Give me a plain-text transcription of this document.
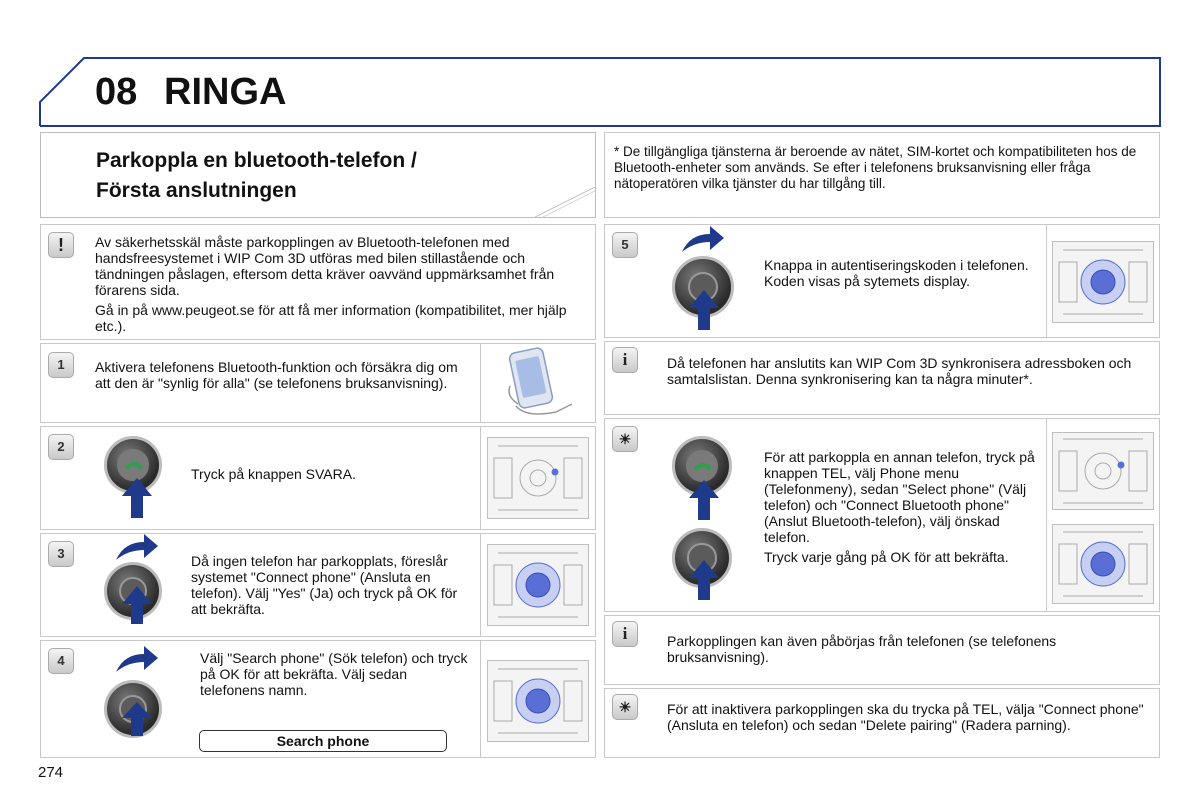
08 RINGA
Parkoppla en bluetooth-telefon /
Första anslutningen
* De tillgängliga tjänsterna är beroende av nätet, SIM-kortet och kompatibiliteten hos de Bluetooth-enheter som används. Se efter i telefonens bruksanvisning eller fråga nätoperatören vilka tjänster du har tillgång till.
!	Av säkerhetsskäl måste parkopplingen av Bluetooth-telefonen med handsfreesystemet i WIP Com 3D utföras med bilen stillastående och tändningen påslagen, eftersom detta kräver oavvänd uppmärksamhet från förarens sida.

Gå in på www.peugeot.se för att få mer information (kompatibilitet, mer hjälp etc.).

1	Aktivera telefonens Bluetooth-funktion och försäkra dig om att den är "synlig för alla" (se telefonens bruksanvisning).
2
Tryck på knappen SVARA.
3	Då ingen telefon har parkopplats, föreslår systemet "Connect phone" (Ansluta en telefon). Välj "Yes" (Ja) och tryck på OK för att bekräfta.
4	Välj "Search phone" (Sök telefon) och tryck på OK för att bekräfta. Välj sedan telefonens namn.
Search phone
5
Knappa in autentiseringskoden i telefonen. Koden visas på sytemets display.
i	Då telefonen har anslutits kan WIP Com 3D synkronisera adressboken och samtalslistan. Denna synkronisering kan ta några minuter*.
☀

För att parkoppla en annan telefon, tryck på knappen TEL, välj Phone menu (Telefonmeny), sedan "Select phone" (Välj telefon) och "Connect Bluetooth phone" (Anslut Bluetooth-telefon), välj önskad telefon.

Tryck varje gång på OK för att bekräfta.

i	Parkopplingen kan även påbörjas från telefonen (se telefonens bruksanvisning).
☀	För att inaktivera parkopplingen ska du trycka på TEL, välja "Connect phone" (Ansluta en telefon) och sedan "Delete pairing" (Radera parning).
274
